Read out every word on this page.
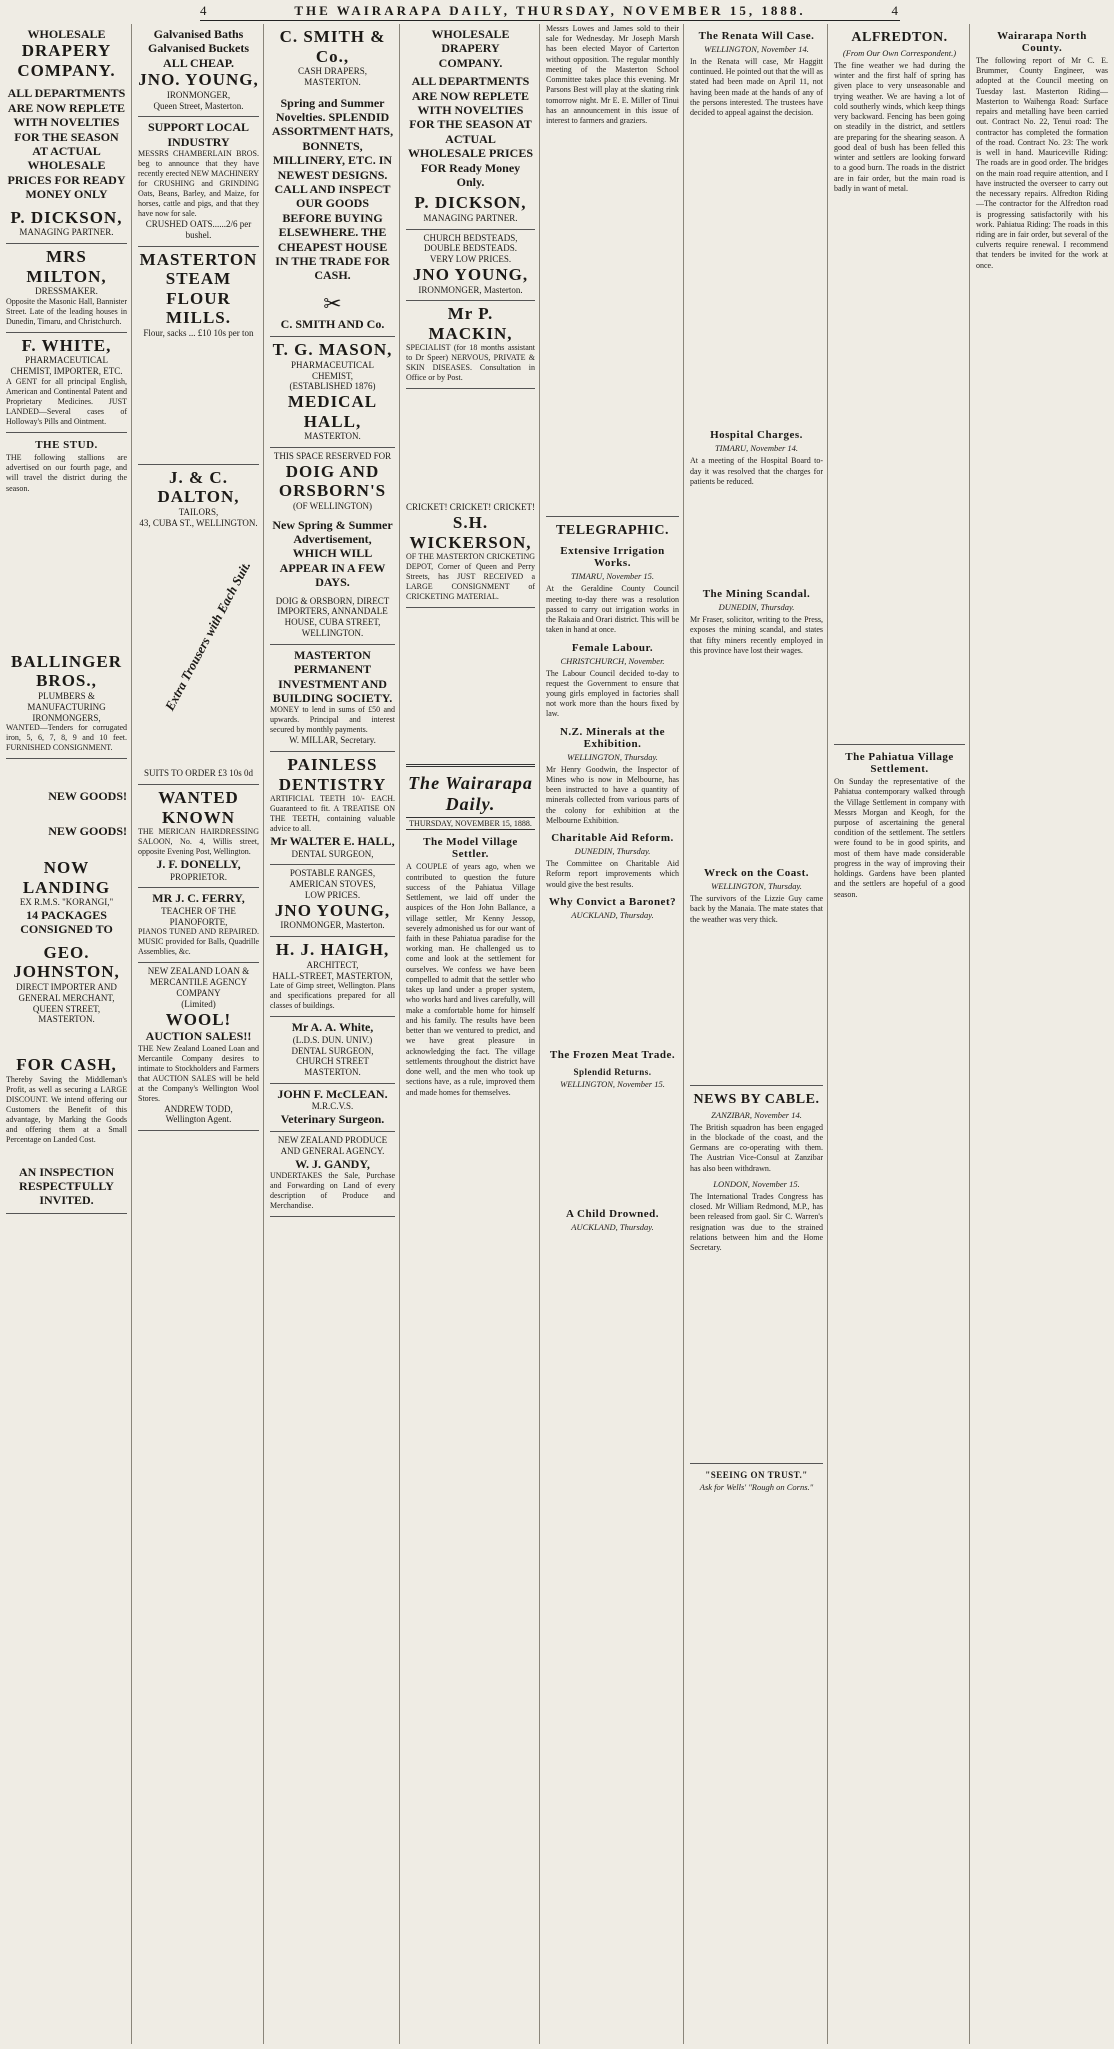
4	THE WAIRARAPA DAILY, THURSDAY, NOVEMBER 15, 1888.	4
WHOLESALE
DRAPERY
COMPANY.
ALL DEPARTMENTS ARE NOW REPLETE WITH NOVELTIES FOR THE SEASON AT ACTUAL WHOLESALE PRICES FOR READY MONEY ONLY
P. DICKSON,
MANAGING PARTNER.
MRS MILTON,
DRESSMAKER.
Opposite the Masonic Hall, Bannister Street. Late of the leading houses in Dunedin, Timaru, and Christchurch.
F. WHITE,
PHARMACEUTICAL CHEMIST, IMPORTER, ETC.
A GENT for all principal English, American and Continental Patent and Proprietary Medicines. JUST LANDED—Several cases of Holloway's Pills and Ointment.
THE STUD.
THE following stallions are advertised on our fourth page, and will travel the district during the season.
BALLINGER BROS.,
PLUMBERS & MANUFACTURING IRONMONGERS,
WANTED—Tenders for corrugated iron, 5, 6, 7, 8, 9 and 10 feet. FURNISHED CONSIGNMENT.
NEW GOODS!
NEW GOODS!
NOW LANDING
EX R.M.S. "KORANGI,"
14 PACKAGES CONSIGNED TO
GEO. JOHNSTON,
DIRECT IMPORTER AND GENERAL MERCHANT,
QUEEN STREET, MASTERTON.
FOR CASH,
Thereby Saving the Middleman's Profit, as well as securing a LARGE DISCOUNT. We intend offering our Customers the Benefit of this advantage, by Marking the Goods and offering them at a Small Percentage on Landed Cost.
AN INSPECTION RESPECTFULLY INVITED.
Galvanised Baths
Galvanised Buckets
ALL CHEAP.
JNO. YOUNG,
IRONMONGER,
Queen Street, Masterton.
SUPPORT LOCAL INDUSTRY
MESSRS CHAMBERLAIN BROS. beg to announce that they have recently erected NEW MACHINERY for CRUSHING and GRINDING Oats, Beans, Barley, and Maize, for horses, cattle and pigs, and that they have now for sale.
CRUSHED OATS......2/6 per bushel.
MASTERTON STEAM FLOUR MILLS.
Flour, sacks ... £10 10s per ton
J. & C. DALTON,
TAILORS,
43, CUBA ST., WELLINGTON.
Extra Trousers with Each Suit.
SUITS TO ORDER £3 10s 0d
WANTED KNOWN
THE MERICAN HAIRDRESSING SALOON, No. 4, Willis street, opposite Evening Post, Wellington.
J. F. DONELLY,
PROPRIETOR.
MR J. C. FERRY,
TEACHER OF THE PIANOFORTE,
PIANOS TUNED AND REPAIRED. MUSIC provided for Balls, Quadrille Assemblies, &c.
NEW ZEALAND LOAN & MERCANTILE AGENCY COMPANY
(Limited)
WOOL!
AUCTION SALES!!
THE New Zealand Loaned Loan and Mercantile Company desires to intimate to Stockholders and Farmers that AUCTION SALES will be held at the Company's Wellington Wool Stores.
ANDREW TODD,
Wellington Agent.
C. SMITH & Co.,
CASH DRAPERS,
MASTERTON.
Spring and Summer Novelties. SPLENDID ASSORTMENT HATS, BONNETS, MILLINERY, ETC. IN NEWEST DESIGNS. CALL AND INSPECT OUR GOODS BEFORE BUYING ELSEWHERE. THE CHEAPEST HOUSE IN THE TRADE FOR CASH.
✂
C. SMITH AND Co.
T. G. MASON,
PHARMACEUTICAL CHEMIST,
(ESTABLISHED 1876)
MEDICAL HALL,
MASTERTON.
THIS SPACE RESERVED FOR
DOIG AND ORSBORN'S
(OF WELLINGTON)
New Spring & Summer Advertisement, WHICH WILL APPEAR IN A FEW DAYS.
DOIG & ORSBORN, DIRECT IMPORTERS, ANNANDALE HOUSE, CUBA STREET, WELLINGTON.
MASTERTON PERMANENT INVESTMENT AND BUILDING SOCIETY.
MONEY to lend in sums of £50 and upwards. Principal and interest secured by monthly payments.
W. MILLAR, Secretary.
PAINLESS DENTISTRY
ARTIFICIAL TEETH 10/- EACH. Guaranteed to fit. A TREATISE ON THE TEETH, containing valuable advice to all.
Mr WALTER E. HALL,
DENTAL SURGEON,
POSTABLE RANGES, AMERICAN STOVES,
LOW PRICES.
JNO YOUNG,
IRONMONGER, Masterton.
H. J. HAIGH,
ARCHITECT,
HALL-STREET, MASTERTON,
Late of Gimp street, Wellington. Plans and specifications prepared for all classes of buildings.
Mr A. A. White,
(L.D.S. DUN. UNIV.)
DENTAL SURGEON,
CHURCH STREET MASTERTON.
JOHN F. McCLEAN.
M.R.C.V.S.
Veterinary Surgeon.
NEW ZEALAND PRODUCE AND GENERAL AGENCY.
W. J. GANDY,
UNDERTAKES the Sale, Purchase and Forwarding on Land of every description of Produce and Merchandise.
WHOLESALE
DRAPERY
COMPANY.
ALL DEPARTMENTS ARE NOW REPLETE WITH NOVELTIES FOR THE SEASON AT ACTUAL WHOLESALE PRICES FOR Ready Money Only.
P. DICKSON,
MANAGING PARTNER.
CHURCH BEDSTEADS, DOUBLE BEDSTEADS.
VERY LOW PRICES.
JNO YOUNG,
IRONMONGER, Masterton.
Mr P. MACKIN,
SPECIALIST (for 18 months assistant to Dr Speer) NERVOUS, PRIVATE & SKIN DISEASES. Consultation in Office or by Post.
CRICKET! CRICKET! CRICKET!
S.H. WICKERSON,
OF THE MASTERTON CRICKETING DEPOT, Corner of Queen and Perry Streets, has JUST RECEIVED a LARGE CONSIGNMENT of CRICKETING MATERIAL.
The Wairarapa Daily.
THURSDAY, NOVEMBER 15, 1888.
The Model Village Settler.
A COUPLE of years ago, when we contributed to question the future success of the Pahiatua Village Settlement, we laid off under the auspices of the Hon John Ballance, a village settler, Mr Kenny Jessop, severely admonished us for our want of faith in these Pahiatua paradise for the working man. He challenged us to come and look at the settlement for ourselves. We confess we have been compelled to admit that the settler who takes up land under a proper system, who works hard and lives carefully, will make a comfortable home for himself and his family. The results have been better than we ventured to predict, and we have great pleasure in acknowledging the fact. The village settlements throughout the district have done well, and the men who took up sections have, as a rule, improved them and made homes for themselves.
Messrs Lowes and James sold to their sale for Wednesday. Mr Joseph Marsh has been elected Mayor of Carterton without opposition. The regular monthly meeting of the Masterton School Committee takes place this evening. Mr Parsons Best will play at the skating rink tomorrow night. Mr E. E. Miller of Tinui has an announcement in this issue of interest to farmers and graziers.
TELEGRAPHIC.
Extensive Irrigation Works.
TIMARU, November 15.
At the Geraldine County Council meeting to-day there was a resolution passed to carry out irrigation works in the Rakaia and Orari district. This will be taken in hand at once.
Female Labour.
CHRISTCHURCH, November.
The Labour Council decided to-day to request the Government to ensure that young girls employed in factories shall not work more than the hours fixed by law.
N.Z. Minerals at the Exhibition.
WELLINGTON, Thursday.
Mr Henry Goodwin, the Inspector of Mines who is now in Melbourne, has been instructed to have a quantity of minerals collected from various parts of the colony for exhibition at the Melbourne Exhibition.
Charitable Aid Reform.
DUNEDIN, Thursday.
The Committee on Charitable Aid Reform report improvements which would give the best results.
Why Convict a Baronet?
AUCKLAND, Thursday.
The Frozen Meat Trade.
Splendid Returns.
WELLINGTON, November 15.
A Child Drowned.
AUCKLAND, Thursday.
The Renata Will Case.
WELLINGTON, November 14.
In the Renata will case, Mr Haggitt continued. He pointed out that the will as stated had been made on April 11, not having been made at the hands of any of the persons interested. The trustees have decided to appeal against the decision.
Hospital Charges.
TIMARU, November 14.
At a meeting of the Hospital Board to-day it was resolved that the charges for patients be reduced.
The Mining Scandal.
DUNEDIN, Thursday.
Mr Fraser, solicitor, writing to the Press, exposes the mining scandal, and states that fifty miners recently employed in this province have lost their wages.
Wreck on the Coast.
WELLINGTON, Thursday.
The survivors of the Lizzie Guy came back by the Manaia. The mate states that the weather was very thick.
NEWS BY CABLE.
ZANZIBAR, November 14.
The British squadron has been engaged in the blockade of the coast, and the Germans are co-operating with them. The Austrian Vice-Consul at Zanzibar has also been withdrawn.
LONDON, November 15.
The International Trades Congress has closed. Mr William Redmond, M.P., has been released from gaol. Sir C. Warren's resignation was due to the strained relations between him and the Home Secretary.
"SEEING ON TRUST."
Ask for Wells' "Rough on Corns."
ALFREDTON.
(From Our Own Correspondent.)
The fine weather we had during the winter and the first half of spring has given place to very unseasonable and trying weather. We are having a lot of cold southerly winds, which keep things very backward. Fencing has been going on steadily in the district, and settlers are preparing for the shearing season. A good deal of bush has been felled this winter and settlers are looking forward to a good burn. The roads in the district are in fair order, but the main road is badly in want of metal.
The Pahiatua Village Settlement.
On Sunday the representative of the Pahiatua contemporary walked through the Village Settlement in company with Messrs Morgan and Keogh, for the purpose of ascertaining the general condition of the settlement. The settlers were found to be in good spirits, and most of them have made considerable progress in the way of improving their holdings. Gardens have been planted and the settlers are hopeful of a good season.
Wairarapa North County.
The following report of Mr C. E. Brummer, County Engineer, was adopted at the Council meeting on Tuesday last. Masterton Riding—Masterton to Waihenga Road: Surface repairs and metalling have been carried out. Contract No. 22, Tenui road: The contractor has completed the formation of the road. Contract No. 23: The work is well in hand. Mauriceville Riding: The roads are in good order. The bridges on the main road require attention, and I have instructed the overseer to carry out the necessary repairs. Alfredton Riding—The contractor for the Alfredton road is progressing satisfactorily with his work. Pahiatua Riding: The roads in this riding are in fair order, but several of the culverts require renewal. I recommend that tenders be invited for the work at once.
